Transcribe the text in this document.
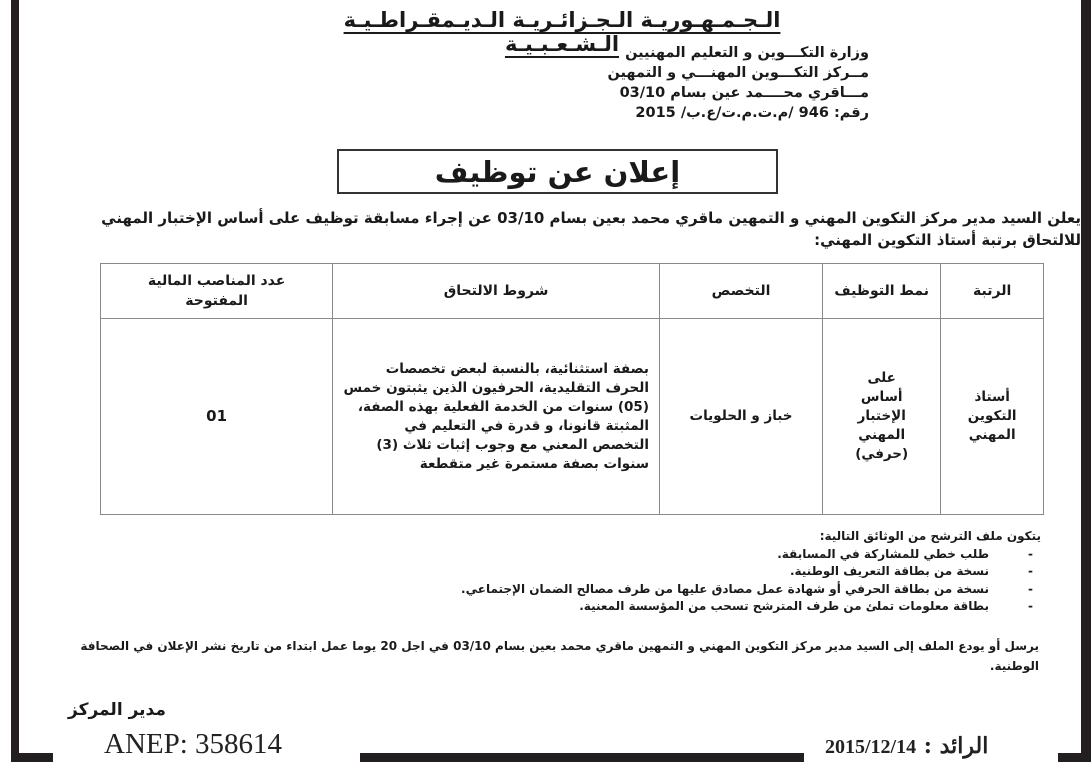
الـجـمـهـوريـة الـجـزائـريـة الـديـمقـراطـيـة الـشـعـبـيـة وزارة التكـــوين و التعليم المهنيين
مــركز التكـــوين المهنـــي و التمهين
مـــاقري محــــمد عين بسام 03/10
رقم: 946 /م.ت.م.ت/ع.ب/ 2015
إعلان عن توظيف
يعلن السيد مدير مركز التكوين المهني و التمهين ماقري محمد بعين بسام 03/10 عن إجراء مسابقة توظيف على أساس الإختبار المهني للالتحاق برتبة أستاذ التكوين المهني:
الرتبة	نمط التوظيف	التخصص	شروط الالتحاق	عدد المناصب المالية المفتوحة
أستاذ التكوين المهني	على أساس الإختبار المهني (حرفي)	خباز و الحلويات	بصفة استثنائية، بالنسبة لبعض تخصصات الحرف التقليدية، الحرفيون الذين يثبتون خمس (05) سنوات من الخدمة الفعلية بهذه الصفة، المثبتة قانونا، و قدرة في التعليم في التخصص المعني مع وجوب إثبات ثلاث (3) سنوات بصفة مستمرة غير متقطعة	01
يتكون ملف الترشح من الوثائق التالية:
- طلب خطي للمشاركة في المسابقة.
- نسخة من بطاقة التعريف الوطنية.
- نسخة من بطاقة الحرفي أو شهادة عمل مصادق عليها من طرف مصالح الضمان الإجتماعي.
- بطاقة معلومات تملئ من طرف المترشح تسحب من المؤسسة المعنية.
يرسل أو يودع الملف إلى السيد مدير مركز التكوين المهني و التمهين ماقري محمد بعين بسام 03/10 في اجل 20 يوما عمل ابتداء من تاريخ نشر الإعلان في الصحافة الوطنية.
مدير المركز
ANEP: 358614	الرائد : 2015/12/14
